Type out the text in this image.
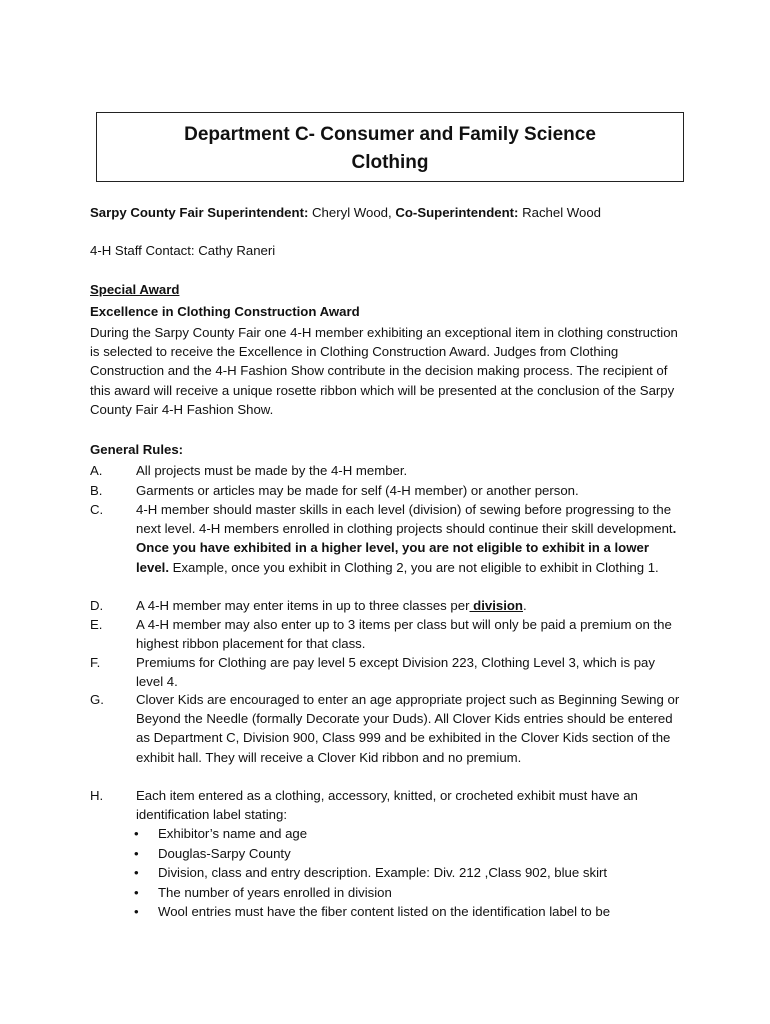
Department C- Consumer and Family Science
Clothing
Sarpy County Fair Superintendent: Cheryl Wood, Co-Superintendent: Rachel Wood
4-H Staff Contact: Cathy Raneri
Special Award
Excellence in Clothing Construction Award
During the Sarpy County Fair one 4-H member exhibiting an exceptional item in clothing construction is selected to receive the Excellence in Clothing Construction Award. Judges from Clothing Construction and the 4-H Fashion Show contribute in the decision making process. The recipient of this award will receive a unique rosette ribbon which will be presented at the conclusion of the Sarpy County Fair 4-H Fashion Show.
General Rules:
A.	All projects must be made by the 4-H member.
B.	Garments or articles may be made for self (4-H member) or another person.
C. 4-H member should master skills in each level (division) of sewing before progressing to the next level. 4-H members enrolled in clothing projects should continue their skill development. Once you have exhibited in a higher level, you are not eligible to exhibit in a lower level. Example, once you exhibit in Clothing 2, you are not eligible to exhibit in Clothing 1.
D. A 4-H member may enter items in up to three classes per division.
E.	A 4-H member may also enter up to 3 items per class but will only be paid a premium on the highest ribbon placement for that class.
F.	Premiums for Clothing are pay level 5 except Division 223, Clothing Level 3, which is pay level 4.
G. Clover Kids are encouraged to enter an age appropriate project such as Beginning Sewing or Beyond the Needle (formally Decorate your Duds). All Clover Kids entries should be entered as Department C, Division 900, Class 999 and be exhibited in the Clover Kids section of the exhibit hall. They will receive a Clover Kid ribbon and no premium.
H. Each item entered as a clothing, accessory, knitted, or crocheted exhibit must have an identification label stating:
• Exhibitor’s name and age
• Douglas-Sarpy County
• Division, class and entry description. Example: Div. 212 ,Class 902, blue skirt
• The number of years enrolled in division
• Wool entries must have the fiber content listed on the identification label to be
